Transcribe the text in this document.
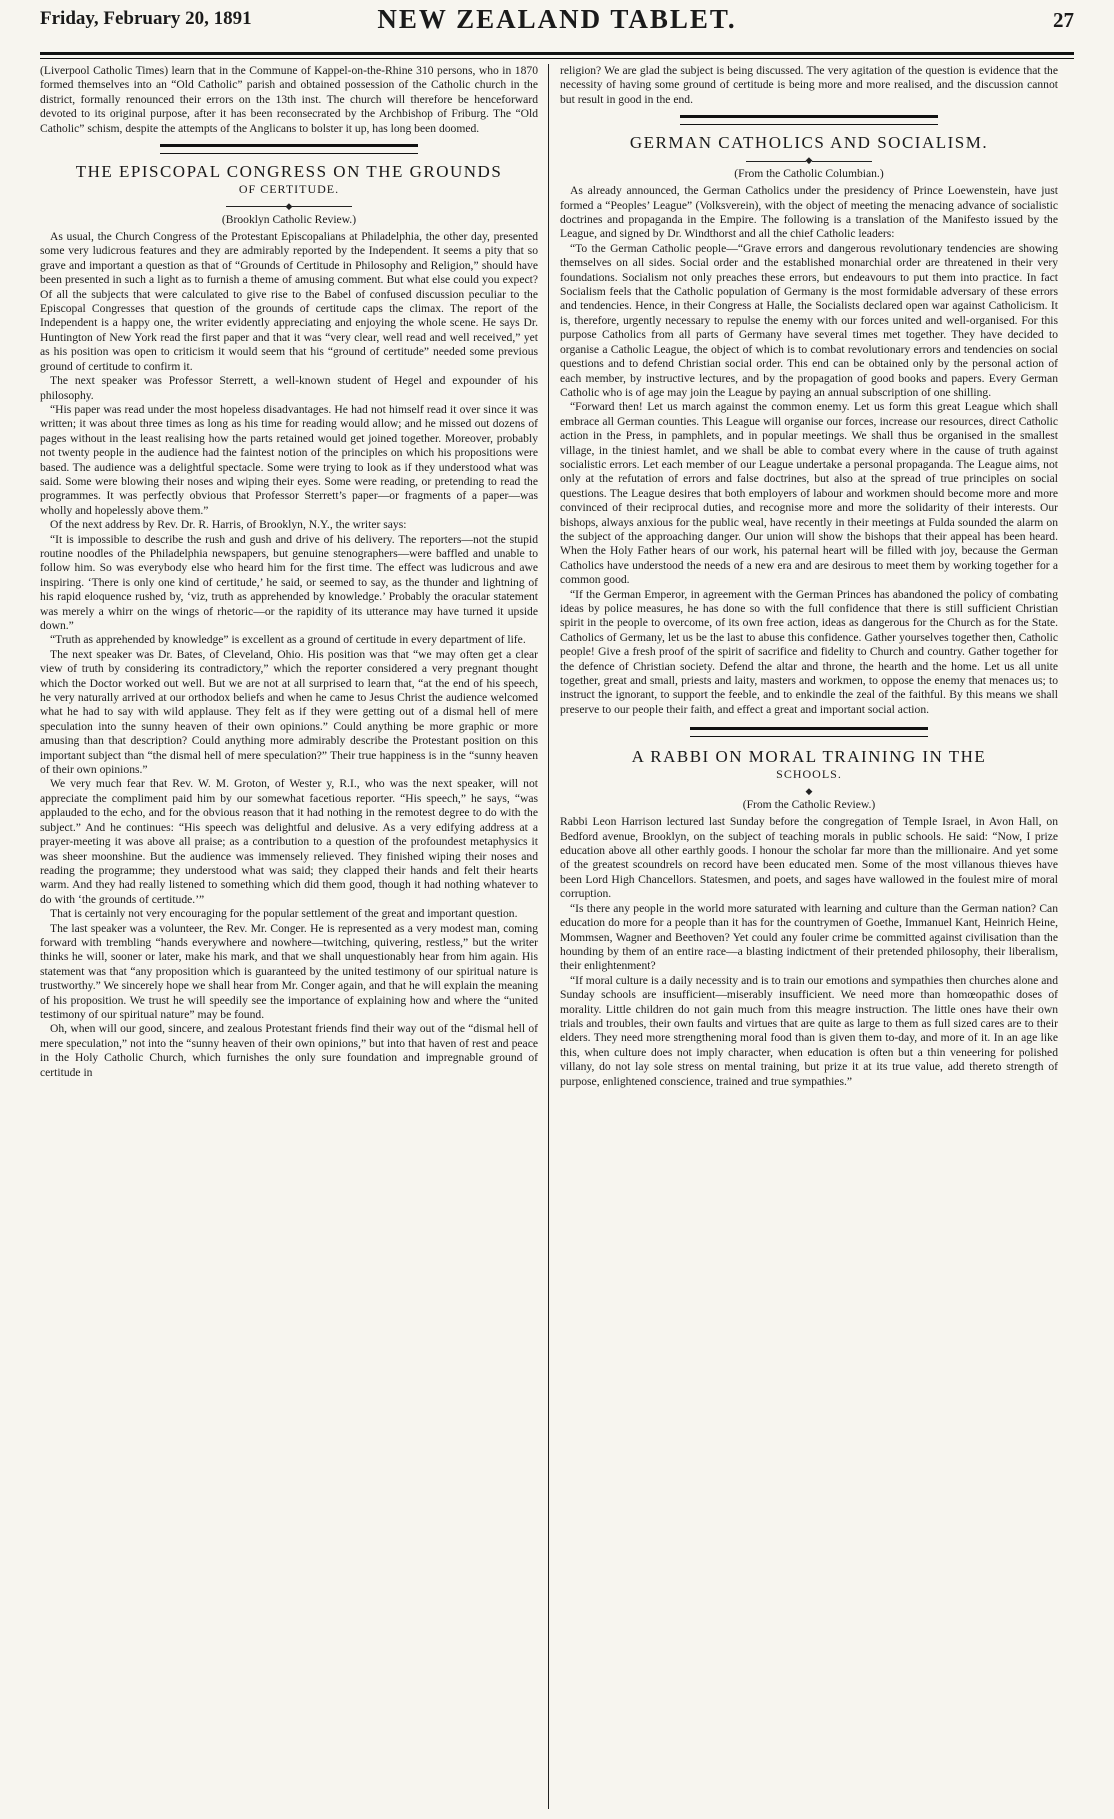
Friday, February 20, 1891	NEW ZEALAND TABLET.	27

(Liverpool Catholic Times) learn that in the Commune of Kappel-on-the-Rhine 310 persons, who in 1870 formed themselves into an “Old Catholic” parish and obtained possession of the Catholic church in the district, formally renounced their errors on the 13th inst. The church will therefore be henceforward devoted to its original purpose, after it has been reconsecrated by the Archbishop of Friburg. The “Old Catholic” schism, despite the attempts of the Anglicans to bolster it up, has long been doomed.

THE EPISCOPAL CONGRESS ON THE GROUNDS
OF CERTITUDE.
◆
(Brooklyn Catholic Review.)

As usual, the Church Congress of the Protestant Episcopalians at Philadelphia, the other day, presented some very ludicrous features and they are admirably reported by the Independent. It seems a pity that so grave and important a question as that of “Grounds of Certitude in Philosophy and Religion,” should have been presented in such a light as to furnish a theme of amusing comment. But what else could you expect? Of all the subjects that were calculated to give rise to the Babel of confused discussion peculiar to the Episcopal Congresses that question of the grounds of certitude caps the climax. The report of the Independent is a happy one, the writer evidently appreciating and enjoying the whole scene. He says Dr. Huntington of New York read the first paper and that it was “very clear, well read and well received,” yet as his position was open to criticism it would seem that his “ground of certitude” needed some previous ground of certitude to confirm it.

The next speaker was Professor Sterrett, a well-known student of Hegel and expounder of his philosophy.

“His paper was read under the most hopeless disadvantages. He had not himself read it over since it was written; it was about three times as long as his time for reading would allow; and he missed out dozens of pages without in the least realising how the parts retained would get joined together. Moreover, probably not twenty people in the audience had the faintest notion of the principles on which his propositions were based. The audience was a delightful spectacle. Some were trying to look as if they understood what was said. Some were blowing their noses and wiping their eyes. Some were reading, or pretending to read the programmes. It was perfectly obvious that Professor Sterrett’s paper—or fragments of a paper—was wholly and hopelessly above them.”

Of the next address by Rev. Dr. R. Harris, of Brooklyn, N.Y., the writer says:

“It is impossible to describe the rush and gush and drive of his delivery. The reporters—not the stupid routine noodles of the Philadelphia newspapers, but genuine stenographers—were baffled and unable to follow him. So was everybody else who heard him for the first time. The effect was ludicrous and awe inspiring. ‘There is only one kind of certitude,’ he said, or seemed to say, as the thunder and lightning of his rapid eloquence rushed by, ‘viz, truth as apprehended by knowledge.’ Probably the oracular statement was merely a whirr on the wings of rhetoric—or the rapidity of its utterance may have turned it upside down.”

“Truth as apprehended by knowledge” is excellent as a ground of certitude in every department of life.

The next speaker was Dr. Bates, of Cleveland, Ohio. His position was that “we may often get a clear view of truth by considering its contradictory,” which the reporter considered a very pregnant thought which the Doctor worked out well. But we are not at all surprised to learn that, “at the end of his speech, he very naturally arrived at our orthodox beliefs and when he came to Jesus Christ the audience welcomed what he had to say with wild applause. They felt as if they were getting out of a dismal hell of mere speculation into the sunny heaven of their own opinions.” Could anything be more graphic or more amusing than that description? Could anything more admirably describe the Protestant position on this important subject than “the dismal hell of mere speculation?” Their true happiness is in the “sunny heaven of their own opinions.”

We very much fear that Rev. W. M. Groton, of Wester y, R.I., who was the next speaker, will not appreciate the compliment paid him by our somewhat facetious reporter. “His speech,” he says, “was applauded to the echo, and for the obvious reason that it had nothing in the remotest degree to do with the subject.” And he continues: “His speech was delightful and delusive. As a very edifying address at a prayer-meeting it was above all praise; as a contribution to a question of the profoundest metaphysics it was sheer moonshine. But the audience was immensely relieved. They finished wiping their noses and reading the programme; they understood what was said; they clapped their hands and felt their hearts warm. And they had really listened to something which did them good, though it had nothing whatever to do with ‘the grounds of certitude.’”

That is certainly not very encouraging for the popular settlement of the great and important question.

The last speaker was a volunteer, the Rev. Mr. Conger. He is represented as a very modest man, coming forward with trembling “hands everywhere and nowhere—twitching, quivering, restless,” but the writer thinks he will, sooner or later, make his mark, and that we shall unquestionably hear from him again. His statement was that “any proposition which is guaranteed by the united testimony of our spiritual nature is trustworthy.” We sincerely hope we shall hear from Mr. Conger again, and that he will explain the meaning of his proposition. We trust he will speedily see the importance of explaining how and where the “united testimony of our spiritual nature” may be found.

Oh, when will our good, sincere, and zealous Protestant friends find their way out of the “dismal hell of mere speculation,” not into the “sunny heaven of their own opinions,” but into that haven of rest and peace in the Holy Catholic Church, which furnishes the only sure foundation and impregnable ground of certitude in

religion? We are glad the subject is being discussed. The very agitation of the question is evidence that the necessity of having some ground of certitude is being more and more realised, and the discussion cannot but result in good in the end.

GERMAN CATHOLICS AND SOCIALISM.
◆
(From the Catholic Columbian.)

As already announced, the German Catholics under the presidency of Prince Loewenstein, have just formed a “Peoples’ League” (Volksverein), with the object of meeting the menacing advance of socialistic doctrines and propaganda in the Empire. The following is a translation of the Manifesto issued by the League, and signed by Dr. Windthorst and all the chief Catholic leaders:

“To the German Catholic people—“Grave errors and dangerous revolutionary tendencies are showing themselves on all sides. Social order and the established monarchial order are threatened in their very foundations. Socialism not only preaches these errors, but endeavours to put them into practice. In fact Socialism feels that the Catholic population of Germany is the most formidable adversary of these errors and tendencies. Hence, in their Congress at Halle, the Socialists declared open war against Catholicism. It is, therefore, urgently necessary to repulse the enemy with our forces united and well-organised. For this purpose Catholics from all parts of Germany have several times met together. They have decided to organise a Catholic League, the object of which is to combat revolutionary errors and tendencies on social questions and to defend Christian social order. This end can be obtained only by the personal action of each member, by instructive lectures, and by the propagation of good books and papers. Every German Catholic who is of age may join the League by paying an annual subscription of one shilling.

“Forward then! Let us march against the common enemy. Let us form this great League which shall embrace all German counties. This League will organise our forces, increase our resources, direct Catholic action in the Press, in pamphlets, and in popular meetings. We shall thus be organised in the smallest village, in the tiniest hamlet, and we shall be able to combat every where in the cause of truth against socialistic errors. Let each member of our League undertake a personal propaganda. The League aims, not only at the refutation of errors and false doctrines, but also at the spread of true principles on social questions. The League desires that both employers of labour and workmen should become more and more convinced of their reciprocal duties, and recognise more and more the solidarity of their interests. Our bishops, always anxious for the public weal, have recently in their meetings at Fulda sounded the alarm on the subject of the approaching danger. Our union will show the bishops that their appeal has been heard. When the Holy Father hears of our work, his paternal heart will be filled with joy, because the German Catholics have understood the needs of a new era and are desirous to meet them by working together for a common good.

“If the German Emperor, in agreement with the German Princes has abandoned the policy of combating ideas by police measures, he has done so with the full confidence that there is still sufficient Christian spirit in the people to overcome, of its own free action, ideas as dangerous for the Church as for the State. Catholics of Germany, let us be the last to abuse this confidence. Gather yourselves together then, Catholic people! Give a fresh proof of the spirit of sacrifice and fidelity to Church and country. Gather together for the defence of Christian society. Defend the altar and throne, the hearth and the home. Let us all unite together, great and small, priests and laity, masters and workmen, to oppose the enemy that menaces us; to instruct the ignorant, to support the feeble, and to enkindle the zeal of the faithful. By this means we shall preserve to our people their faith, and effect a great and important social action.

A RABBI ON MORAL TRAINING IN THE
SCHOOLS.
◆
(From the Catholic Review.)

Rabbi Leon Harrison lectured last Sunday before the congregation of Temple Israel, in Avon Hall, on Bedford avenue, Brooklyn, on the subject of teaching morals in public schools. He said: “Now, I prize education above all other earthly goods. I honour the scholar far more than the millionaire. And yet some of the greatest scoundrels on record have been educated men. Some of the most villanous thieves have been Lord High Chancellors. Statesmen, and poets, and sages have wallowed in the foulest mire of moral corruption.

“Is there any people in the world more saturated with learning and culture than the German nation? Can education do more for a people than it has for the countrymen of Goethe, Immanuel Kant, Heinrich Heine, Mommsen, Wagner and Beethoven? Yet could any fouler crime be committed against civilisation than the hounding by them of an entire race—a blasting indictment of their pretended philosophy, their liberalism, their enlightenment?

“If moral culture is a daily necessity and is to train our emotions and sympathies then churches alone and Sunday schools are insufficient—miserably insufficient. We need more than homœopathic doses of morality. Little children do not gain much from this meagre instruction. The little ones have their own trials and troubles, their own faults and virtues that are quite as large to them as full sized cares are to their elders. They need more strengthening moral food than is given them to-day, and more of it. In an age like this, when culture does not imply character, when education is often but a thin veneering for polished villany, do not lay sole stress on mental training, but prize it at its true value, add thereto strength of purpose, enlightened conscience, trained and true sympathies.”
